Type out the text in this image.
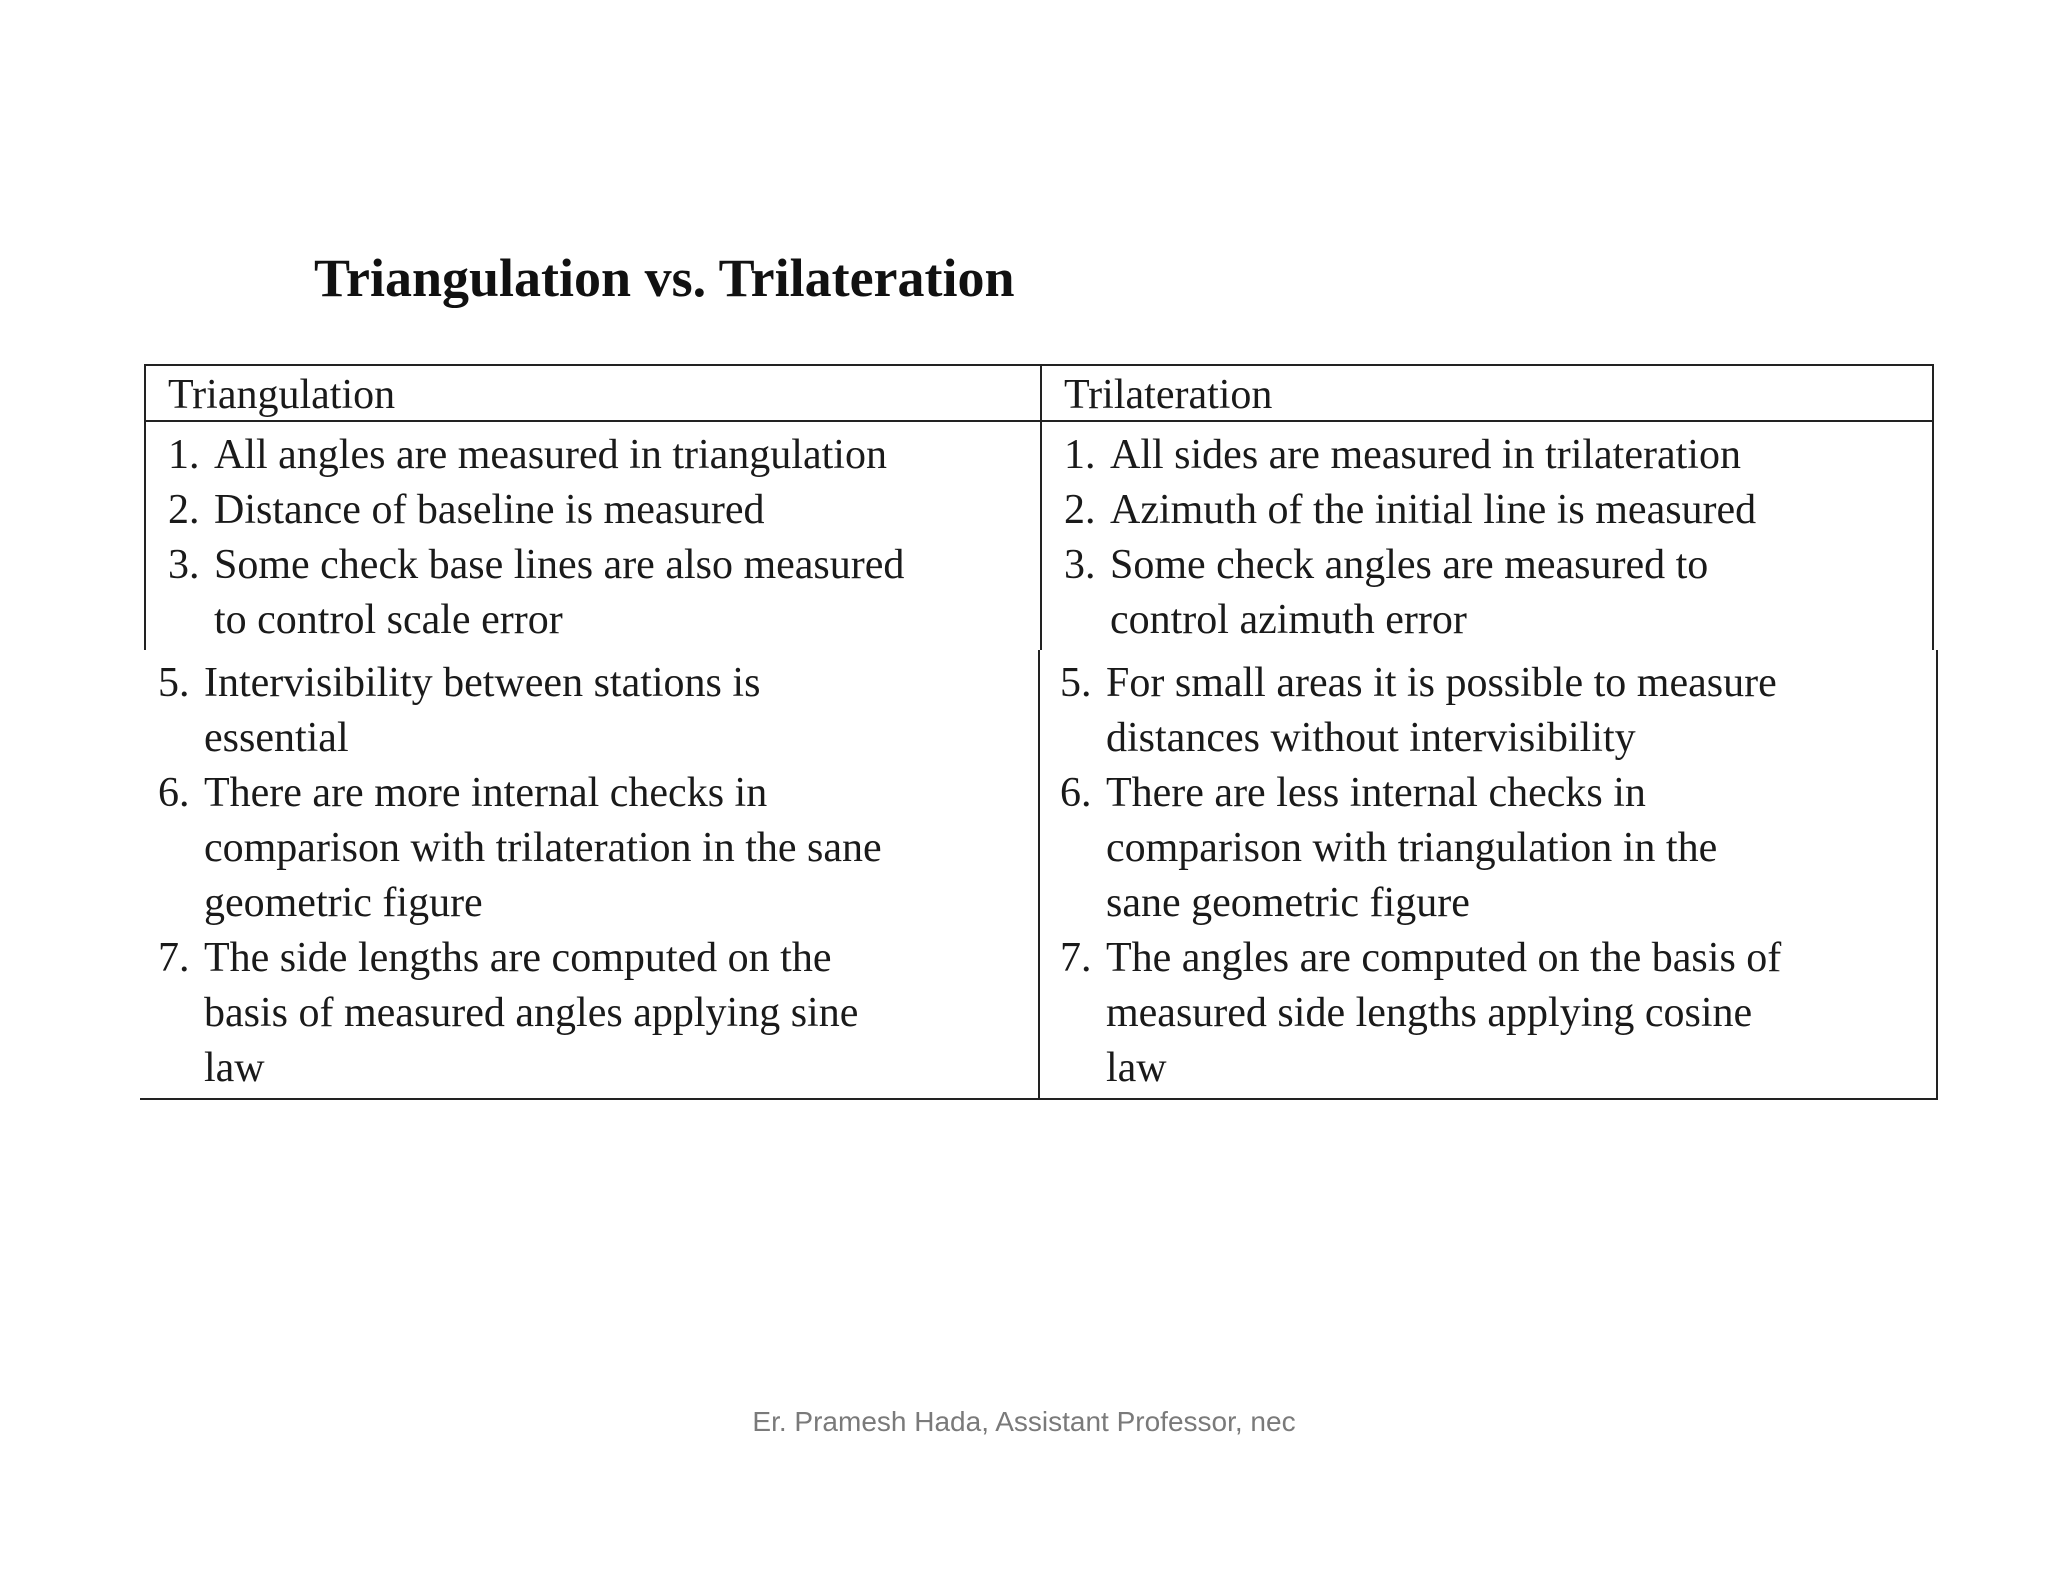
Triangulation vs. Trilateration
Triangulation
1. All angles are measured in triangulation
2. Distance of baseline is measured
3. Some check base lines are also measured
to control scale error
Trilateration
1. All sides are measured in trilateration
2. Azimuth of the initial line is measured
3. Some check angles are measured to
control azimuth error
5. Intervisibility between stations is
essential
6. There are more internal checks in
comparison with trilateration in the sane
geometric figure
7. The side lengths are computed on the
basis of measured angles applying sine
law
5. For small areas it is possible to measure
distances without intervisibility
6. There are less internal checks in
comparison with triangulation in the
sane geometric figure
7. The angles are computed on the basis of
measured side lengths applying cosine
law
Er. Pramesh Hada, Assistant Professor, nec
